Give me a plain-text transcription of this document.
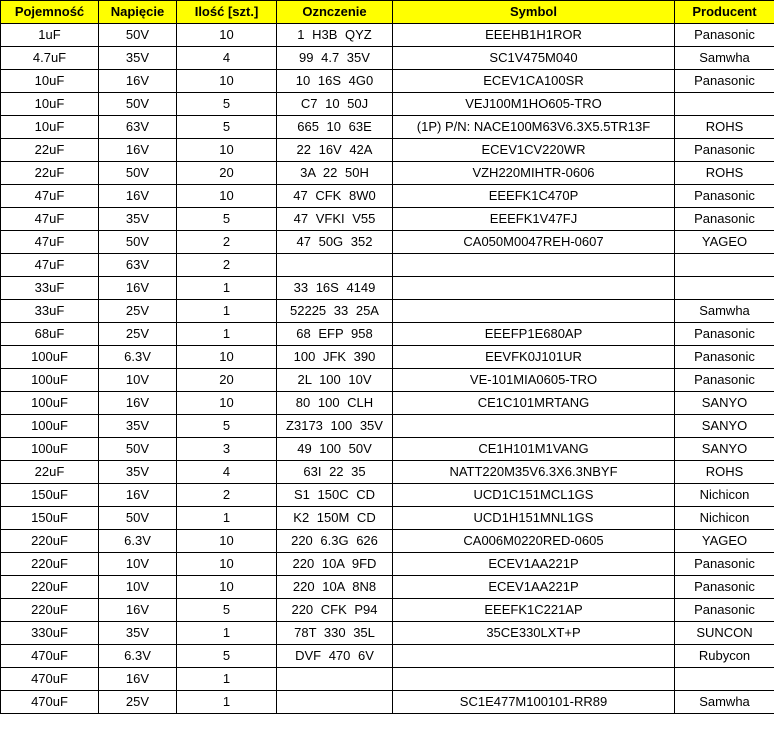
Pojemność	Napięcie	Ilość [szt.]	Oznczenie	Symbol	Producent
1uF	50V	10	1 H3B QYZ	EEEHB1H1ROR	Panasonic
4.7uF	35V	4	99 4.7 35V	SC1V475M040	Samwha
10uF	16V	10	10 16S 4G0	ECEV1CA100SR	Panasonic
10uF	50V	5	C7 10 50J	VEJ100M1HO605-TRO	
10uF	63V	5	665 10 63E	(1P) P/N: NACE100M63V6.3X5.5TR13F	ROHS
22uF	16V	10	22 16V 42A	ECEV1CV220WR	Panasonic
22uF	50V	20	3A 22 50H	VZH220MIHTR-0606	ROHS
47uF	16V	10	47 CFK 8W0	EEEFK1C470P	Panasonic
47uF	35V	5	47 VFKI V55	EEEFK1V47FJ	Panasonic
47uF	50V	2	47 50G 352	CA050M0047REH-0607	YAGEO
47uF	63V	2			
33uF	16V	1	33 16S 4149		
33uF	25V	1	52225 33 25A		Samwha
68uF	25V	1	68 EFP 958	EEEFP1E680AP	Panasonic
100uF	6.3V	10	100 JFK 390	EEVFK0J101UR	Panasonic
100uF	10V	20	2L 100 10V	VE-101MIA0605-TRO	Panasonic
100uF	16V	10	80 100 CLH	CE1C101MRTANG	SANYO
100uF	35V	5	Z3173 100 35V		SANYO
100uF	50V	3	49 100 50V	CE1H101M1VANG	SANYO
22uF	35V	4	63I 22 35	NATT220M35V6.3X6.3NBYF	ROHS
150uF	16V	2	S1 150C CD	UCD1C151MCL1GS	Nichicon
150uF	50V	1	K2 150M CD	UCD1H151MNL1GS	Nichicon
220uF	6.3V	10	220 6.3G 626	CA006M0220RED-0605	YAGEO
220uF	10V	10	220 10A 9FD	ECEV1AA221P	Panasonic
220uF	10V	10	220 10A 8N8	ECEV1AA221P	Panasonic
220uF	16V	5	220 CFK P94	EEEFK1C221AP	Panasonic
330uF	35V	1	78T 330 35L	35CE330LXT+P	SUNCON
470uF	6.3V	5	DVF 470 6V		Rubycon
470uF	16V	1			
470uF	25V	1		SC1E477M100101-RR89	Samwha
